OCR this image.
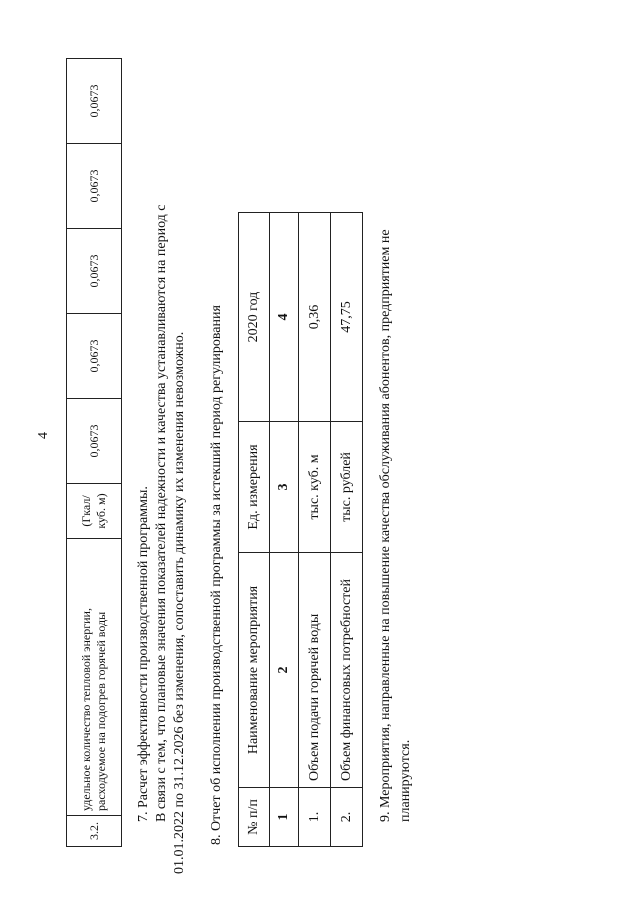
4
3.2.	удельное количество тепловой энергии, расходуемое на подогрев горячей воды	(Гкал/ куб. м)	0,0673	0,0673	0,0673	0,0673	0,0673
7. Расчет эффективности производственной программы. В связи с тем, что плановые значения показателей надежности и качества устанавливаются на период с 01.01.2022 по 31.12.2026 без изменения, сопоставить динамику их изменения невозможно. 8. Отчет об исполнении производственной программы за истекший период регулирования № п/п	Наименование мероприятия	Ед. измерения	2020 год
1	2	3	4
1.	Объем подачи горячей воды	тыс. куб. м	0,36
2.	Объем финансовых потребностей	тыс. рублей	47,75 9. Мероприятия, направленные на повышение качества обслуживания абонентов, предприятием не планируются.
